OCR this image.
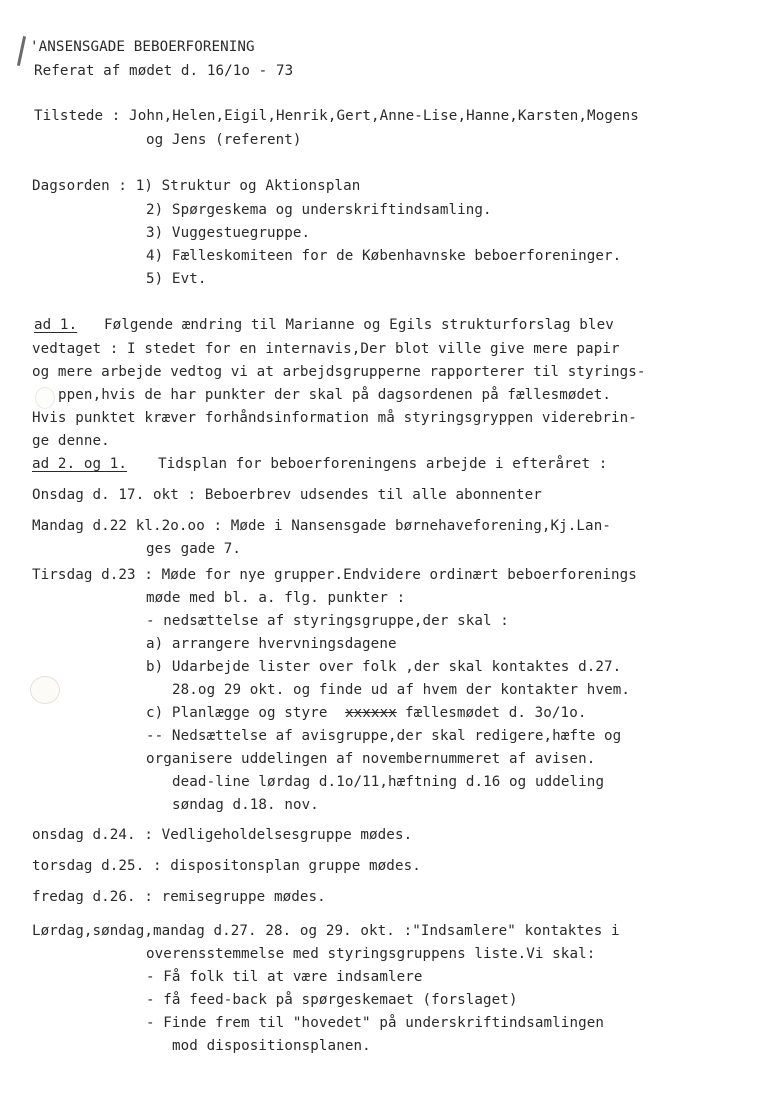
'ANSENSGADE BEBOERFORENING
Referat af mødet d. 16/1o - 73
Tilstede : John,Helen,Eigil,Henrik,Gert,Anne-Lise,Hanne,Karsten,Mogens
og Jens (referent)
Dagsorden : 1) Struktur og Aktionsplan
2) Spørgeskema og underskriftindsamling.
3) Vuggestuegruppe.
4) Fælleskomiteen for de Københavnske beboerforeninger.
5) Evt.
ad 1. Følgende ændring til Marianne og Egils strukturforslag blev
vedtaget : I stedet for en internavis,Der blot ville give mere papir
og mere arbejde vedtog vi at arbejdsgrupperne rapporterer til styrings-
ppen,hvis de har punkter der skal på dagsordenen på fællesmødet.
Hvis punktet kræver forhåndsinformation må styringsgryppen viderebrin-
ge denne.
ad 2. og 1. Tidsplan for beboerforeningens arbejde i efteråret :
Onsdag d. 17. okt : Beboerbrev udsendes til alle abonnenter
Mandag d.22 kl.2o.oo : Møde i Nansensgade børnehaveforening,Kj.Lan-
ges gade 7.
Tirsdag d.23 : Møde for nye grupper.Endvidere ordinært beboerforenings
møde med bl. a. flg. punkter :
- nedsættelse af styringsgruppe,der skal :
a) arrangere hvervningsdagene
b) Udarbejde lister over folk ,der skal kontaktes d.27.
28.og 29 okt. og finde ud af hvem der kontakter hvem.
c) Planlægge og styre xxxxxx fællesmødet d. 3o/1o.
-- Nedsættelse af avisgruppe,der skal redigere,hæfte og
organisere uddelingen af novembernummeret af avisen.
dead-line lørdag d.1o/11,hæftning d.16 og uddeling
søndag d.18. nov.
onsdag d.24. : Vedligeholdelsesgruppe mødes.
torsdag d.25. : dispositonsplan gruppe mødes.
fredag d.26. : remisegruppe mødes.
Lørdag,søndag,mandag d.27. 28. og 29. okt. :"Indsamlere" kontaktes i
overensstemmelse med styringsgruppens liste.Vi skal:
- Få folk til at være indsamlere
- få feed-back på spørgeskemaet (forslaget)
- Finde frem til "hovedet" på underskriftindsamlingen
mod dispositionsplanen.
